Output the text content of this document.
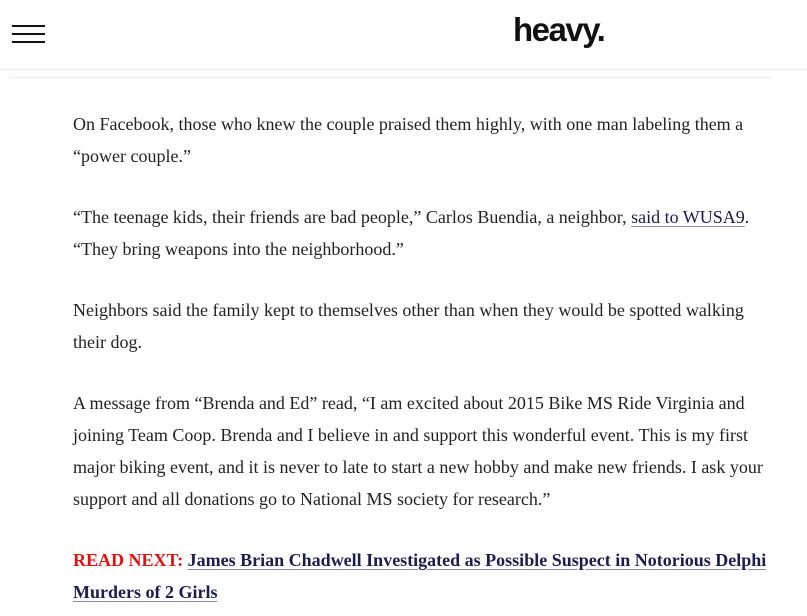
heavy.

On Facebook, those who knew the couple praised them highly, with one man labeling them a “power couple.”

“The teenage kids, their friends are bad people,” Carlos Buendia, a neighbor, said to WUSA9. “They bring weapons into the neighborhood.”

Neighbors said the family kept to themselves other than when they would be spotted walking their dog.

A message from “Brenda and Ed” read, “I am excited about 2015 Bike MS Ride Virginia and joining Team Coop. Brenda and I believe in and support this wonderful event. This is my first major biking event, and it is never to late to start a new hobby and make new friends. I ask your support and all donations go to National MS society for research.”

READ NEXT: James Brian Chadwell Investigated as Possible Suspect in Notorious Delphi Murders of 2 Girls
